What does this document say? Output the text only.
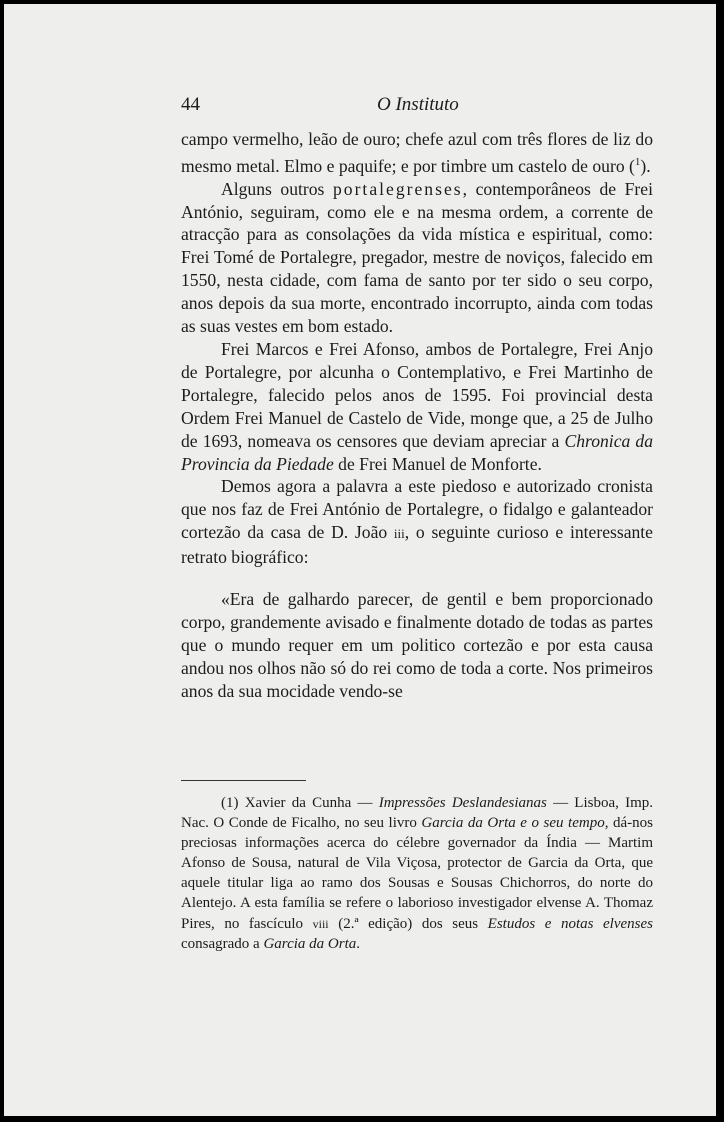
44	O Instituto

campo vermelho, leão de ouro; chefe azul com três flores de liz do mesmo metal. Elmo e paquife; e por timbre um castelo de ouro ($^1$).

Alguns outros portalegrenses, contemporâneos de Frei António, seguiram, como ele e na mesma ordem, a corrente de atracção para as consolações da vida mística e espiritual, como: Frei Tomé de Portalegre, pregador, mestre de noviços, falecido em 1550, nesta cidade, com fama de santo por ter sido o seu corpo, anos depois da sua morte, encontrado incorrupto, ainda com todas as suas vestes em bom estado.

Frei Marcos e Frei Afonso, ambos de Portalegre, Frei Anjo de Portalegre, por alcunha o Contemplativo, e Frei Martinho de Portalegre, falecido pelos anos de 1595. Foi provincial desta Ordem Frei Manuel de Castelo de Vide, monge que, a 25 de Julho de 1693, nomeava os censores que deviam apreciar a Chronica da Provincia da Piedade de Frei Manuel de Monforte.

Demos agora a palavra a este piedoso e autorizado cronista que nos faz de Frei António de Portalegre, o fidalgo e galanteador cortezão da casa de D. João iii, o seguinte curioso e interessante retrato biográfico:

«Era de galhardo parecer, de gentil e bem proporcionado corpo, grandemente avisado e finalmente dotado de todas as partes que o mundo requer em um politico cortezão e por esta causa andou nos olhos não só do rei como de toda a corte. Nos primeiros anos da sua mocidade vendo-se

(1) Xavier da Cunha — Impressões Deslandesianas — Lisboa, Imp. Nac. O Conde de Ficalho, no seu livro Garcia da Orta e o seu tempo, dá-nos preciosas informações acerca do célebre governador da Índia — Martim Afonso de Sousa, natural de Vila Viçosa, protector de Garcia da Orta, que aquele titular liga ao ramo dos Sousas e Sousas Chichorros, do norte do Alentejo. A esta família se refere o laborioso investigador elvense A. Thomaz Pires, no fascículo viii (2.ª edição) dos seus Estudos e notas elvenses consagrado a Garcia da Orta.
